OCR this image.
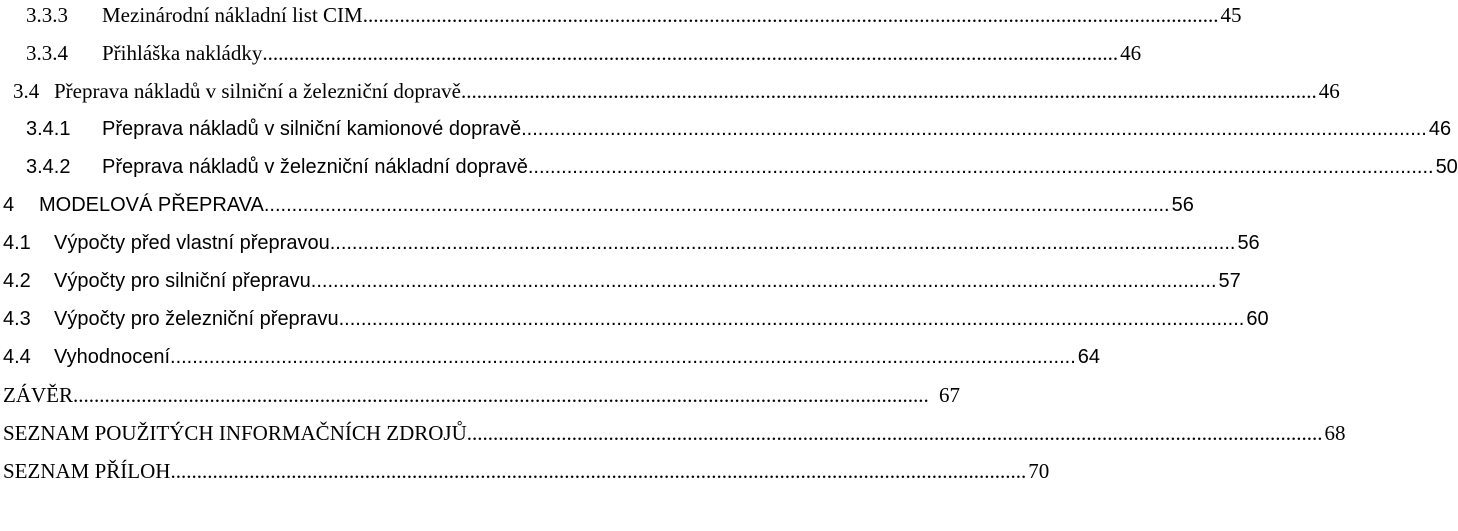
3.3.3 Mezinárodní nákladní list CIM ................................................................................................................................................................... 45
3.3.4 Přihláška nakládky ................................................................................................................................................................... 46
3.4 Přeprava nákladů v silniční a železniční dopravě ................................................................................................................................................................... 46
3.4.1 Přeprava nákladů v silniční kamionové dopravě ................................................................................................................................................................... 46
3.4.2 Přeprava nákladů v železniční nákladní dopravě ................................................................................................................................................................... 50
4 MODELOVÁ PŘEPRAVA ................................................................................................................................................................... 56
4.1 Výpočty před vlastní přepravou ................................................................................................................................................................... 56
4.2 Výpočty pro silniční přepravu ................................................................................................................................................................... 57
4.3 Výpočty pro železniční přepravu ................................................................................................................................................................... 60
4.4 Vyhodnocení ................................................................................................................................................................... 64
ZÁVĚR ................................................................................................................................................................... 67
SEZNAM POUŽITÝCH INFORMAČNÍCH ZDROJŮ ................................................................................................................................................................... 68
SEZNAM PŘÍLOH ................................................................................................................................................................... 70
